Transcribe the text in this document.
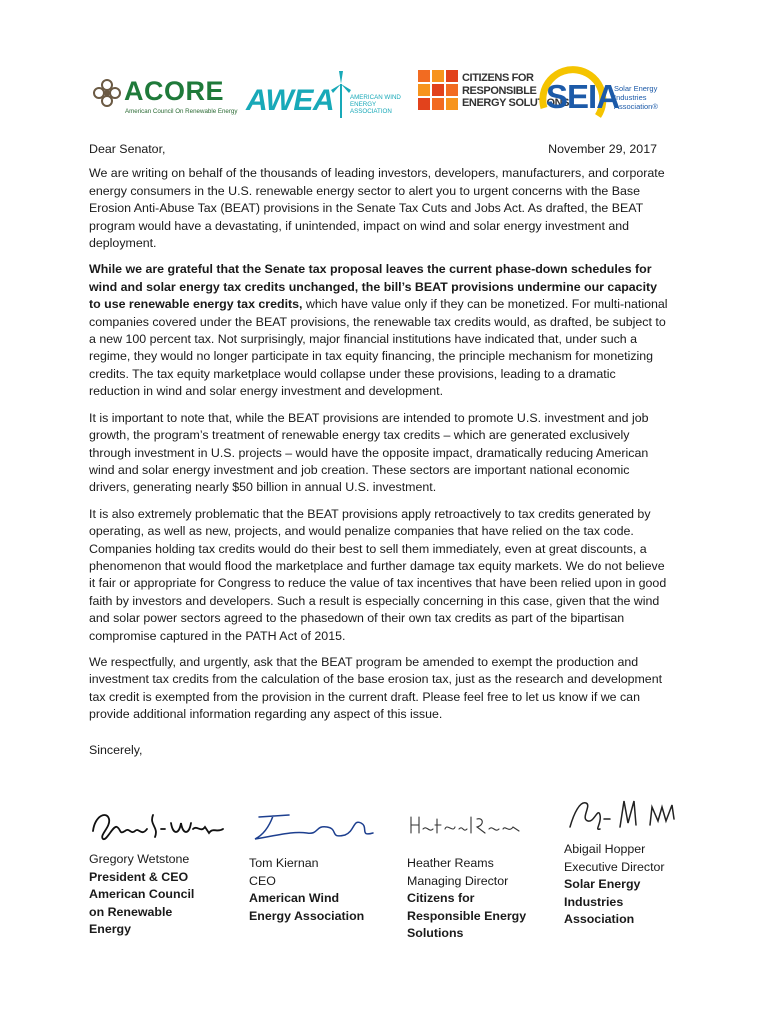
ACORE
American Council On Renewable Energy AWEA	AMERICAN WIND ENERGY ASSOCIATION
CITIZENS FOR
RESPONSIBLE
ENERGY SOLUTIONS
SEIA
Solar Energy Industries Association®
Dear Senator,	November 29, 2017

We are writing on behalf of the thousands of leading investors, developers, manufacturers, and corporate energy consumers in the U.S. renewable energy sector to alert you to urgent concerns with the Base Erosion Anti-Abuse Tax (BEAT) provisions in the Senate Tax Cuts and Jobs Act. As drafted, the BEAT program would have a devastating, if unintended, impact on wind and solar energy investment and deployment.

While we are grateful that the Senate tax proposal leaves the current phase-down schedules for wind and solar energy tax credits unchanged, the bill’s BEAT provisions undermine our capacity to use renewable energy tax credits, which have value only if they can be monetized. For multi-national companies covered under the BEAT provisions, the renewable tax credits would, as drafted, be subject to a new 100 percent tax. Not surprisingly, major financial institutions have indicated that, under such a regime, they would no longer participate in tax equity financing, the principle mechanism for monetizing credits. The tax equity marketplace would collapse under these provisions, leading to a dramatic reduction in wind and solar energy investment and development.

It is important to note that, while the BEAT provisions are intended to promote U.S. investment and job growth, the program’s treatment of renewable energy tax credits – which are generated exclusively through investment in U.S. projects – would have the opposite impact, dramatically reducing American wind and solar energy investment and job creation. These sectors are important national economic drivers, generating nearly $50 billion in annual U.S. investment.

It is also extremely problematic that the BEAT provisions apply retroactively to tax credits generated by operating, as well as new, projects, and would penalize companies that have relied on the tax code. Companies holding tax credits would do their best to sell them immediately, even at great discounts, a phenomenon that would flood the marketplace and further damage tax equity markets. We do not believe it fair or appropriate for Congress to reduce the value of tax incentives that have been relied upon in good faith by investors and developers. Such a result is especially concerning in this case, given that the wind and solar power sectors agreed to the phasedown of their own tax credits as part of the bipartisan compromise captured in the PATH Act of 2015.

We respectfully, and urgently, ask that the BEAT program be amended to exempt the production and investment tax credits from the calculation of the base erosion tax, just as the research and development tax credit is exempted from the provision in the current draft. Please feel free to let us know if we can provide additional information regarding any aspect of this issue.

Sincerely,
Gregory Wetstone
President & CEO
American Council
on Renewable
Energy
Tom Kiernan
CEO
American Wind
Energy Association
Heather Reams
Managing Director
Citizens for
Responsible Energy
Solutions
Abigail Hopper
Executive Director
Solar Energy
Industries
Association
